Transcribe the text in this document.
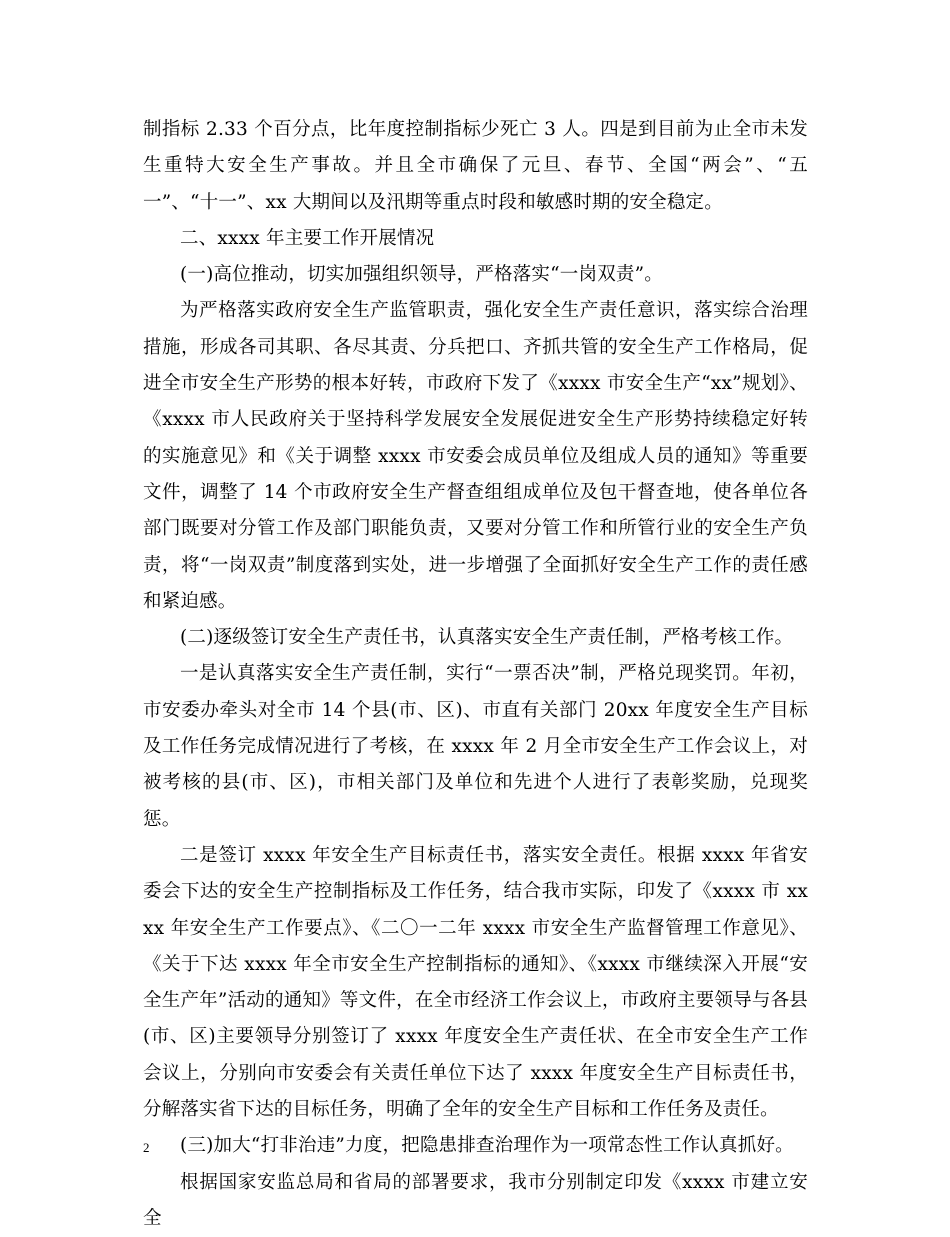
制指标 2.33 个百分点，比年度控制指标少死亡 3 人。四是到目前为止全市未发生重特大安全生产事故。并且全市确保了元旦、春节、全国“两会”、“五一”、“十一”、xx 大期间以及汛期等重点时段和敏感时期的安全稳定。

二、xxxx 年主要工作开展情况

(一)高位推动，切实加强组织领导，严格落实“一岗双责”。

为严格落实政府安全生产监管职责，强化安全生产责任意识，落实综合治理措施，形成各司其职、各尽其责、分兵把口、齐抓共管的安全生产工作格局，促进全市安全生产形势的根本好转，市政府下发了《xxxx 市安全生产“xx”规划》、《xxxx 市人民政府关于坚持科学发展安全发展促进安全生产形势持续稳定好转的实施意见》和《关于调整 xxxx 市安委会成员单位及组成人员的通知》等重要文件，调整了 14 个市政府安全生产督查组组成单位及包干督查地，使各单位各部门既要对分管工作及部门职能负责，又要对分管工作和所管行业的安全生产负责，将“一岗双责”制度落到实处，进一步增强了全面抓好安全生产工作的责任感和紧迫感。

(二)逐级签订安全生产责任书，认真落实安全生产责任制，严格考核工作。

一是认真落实安全生产责任制，实行“一票否决”制，严格兑现奖罚。年初，市安委办牵头对全市 14 个县(市、区)、市直有关部门 20xx 年度安全生产目标及工作任务完成情况进行了考核，在 xxxx 年 2 月全市安全生产工作会议上，对被考核的县(市、区)，市相关部门及单位和先进个人进行了表彰奖励，兑现奖惩。

二是签订 xxxx 年安全生产目标责任书，落实安全责任。根据 xxxx 年省安委会下达的安全生产控制指标及工作任务，结合我市实际，印发了《xxxx 市 xxxx 年安全生产工作要点》、《二〇一二年 xxxx 市安全生产监督管理工作意见》、《关于下达 xxxx 年全市安全生产控制指标的通知》、《xxxx 市继续深入开展“安全生产年”活动的通知》等文件，在全市经济工作会议上，市政府主要领导与各县(市、区)主要领导分别签订了 xxxx 年度安全生产责任状、在全市安全生产工作会议上，分别向市安委会有关责任单位下达了 xxxx 年度安全生产目标责任书，分解落实省下达的目标任务，明确了全年的安全生产目标和工作任务及责任。

(三)加大“打非治违”力度，把隐患排查治理作为一项常态性工作认真抓好。

根据国家安监总局和省局的部署要求，我市分别制定印发《xxxx 市建立安全

2
